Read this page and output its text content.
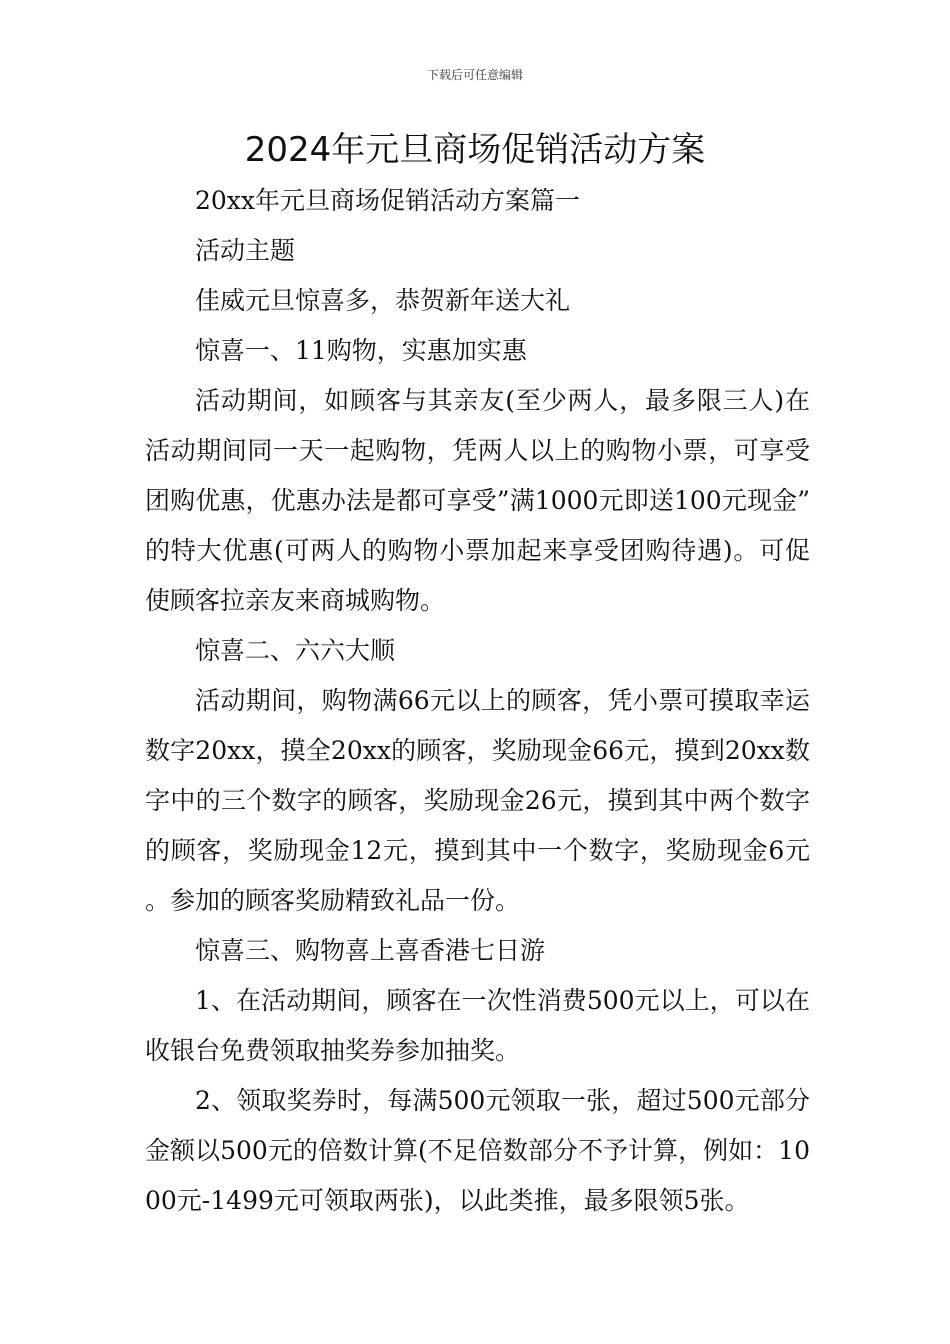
下载后可任意编辑
2024年元旦商场促销活动方案

20xx年元旦商场促销活动方案篇一

活动主题

佳威元旦惊喜多，恭贺新年送大礼

惊喜一、11购物，实惠加实惠

活动期间，如顾客与其亲友(至少两人，最多限三人)在活动期间同一天一起购物，凭两人以上的购物小票，可享受团购优惠，优惠办法是都可享受”满1000元即送100元现金”的特大优惠(可两人的购物小票加起来享受团购待遇)。可促使顾客拉亲友来商城购物。

惊喜二、六六大顺

活动期间，购物满66元以上的顾客，凭小票可摸取幸运数字20xx，摸全20xx的顾客，奖励现金66元，摸到20xx数字中的三个数字的顾客，奖励现金26元，摸到其中两个数字的顾客，奖励现金12元，摸到其中一个数字，奖励现金6元。参加的顾客奖励精致礼品一份。

惊喜三、购物喜上喜香港七日游

1、在活动期间，顾客在一次性消费500元以上，可以在收银台免费领取抽奖券参加抽奖。

2、领取奖券时，每满500元领取一张，超过500元部分金额以500元的倍数计算(不足倍数部分不予计算，例如：1000元-1499元可领取两张)，以此类推，最多限领5张。
